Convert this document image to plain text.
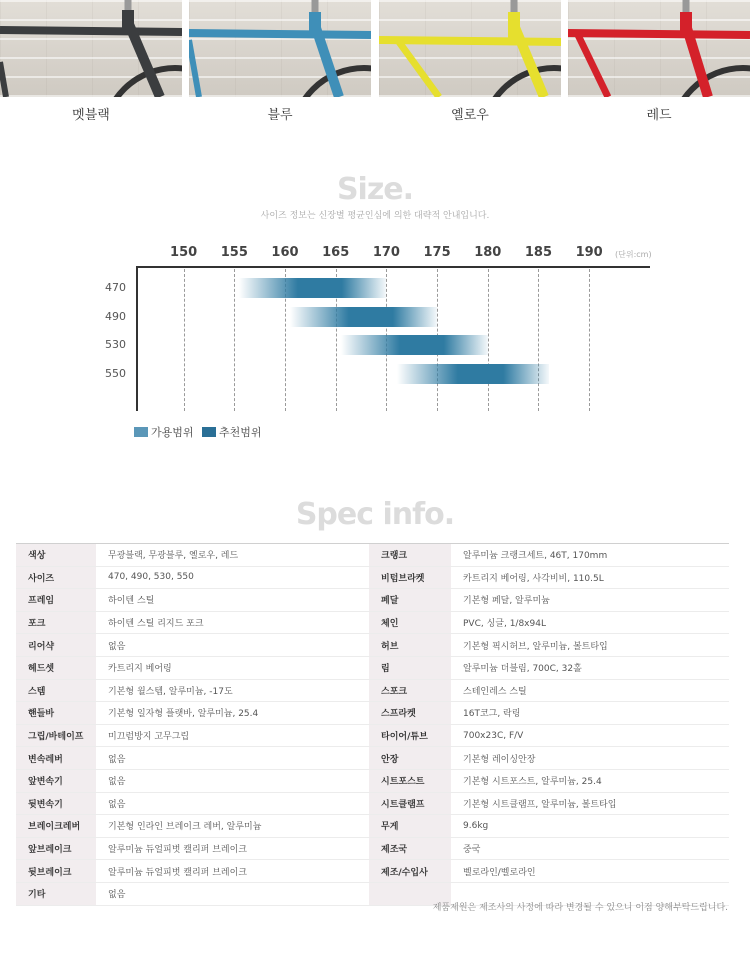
멧블랙	블루	옐로우	레드
Size.
사이즈 정보는 신장별 평균인심에 의한 대략적 안내입니다.
(단위:cm)
150	155	160	165	170	175	180	185	190
470
490
530
550
가용범위	추천범위
Spec info.
색상	무광블랙, 무광블루, 옐로우, 레드	크랭크	알루미늄 크랭크세트, 46T, 170mm
사이즈	470, 490, 530, 550	비텀브라켓	카트리지 베어링, 사각비비, 110.5L
프레임	하이텐 스틸	페달	기본형 페달, 알루미늄
포크	하이텐 스틸 리지드 포크	체인	PVC, 싱글, 1/8x94L
리어샥	없음	허브	기본형 픽시허브, 알루미늄, 볼트타입
헤드셋	카트리지 베어링	림	알루미늄 더블림, 700C, 32홀
스템	기본형 윌스템, 알루미늄, -17도	스포크	스테인레스 스틸
핸들바	기본형 일자형 플랫바, 알루미늄, 25.4	스프라켓	16T코그, 락링
그립/바테이프	미끄럼방지 고무그립	타이어/튜브	700x23C, F/V
변속레버	없음	안장	기본형 레이싱안장
앞변속기	없음	시트포스트	기본형 시트포스트, 알루미늄, 25.4
뒷변속기	없음	시트클램프	기본형 시트클램프, 알루미늄, 볼트타입
브레이크레버	기본형 인라인 브레이크 레버, 알루미늄	무게	9.6kg
앞브레이크	알루미늄 듀얼피벗 캘리퍼 브레이크	제조국	중국
뒷브레이크	알루미늄 듀얼피벗 캘리퍼 브레이크	제조/수입사	벨로라인/벨로라인
기타	없음		
제품제원은 제조사의 사정에 따라 변경될 수 있으니 이점 양해부탁드립니다.
